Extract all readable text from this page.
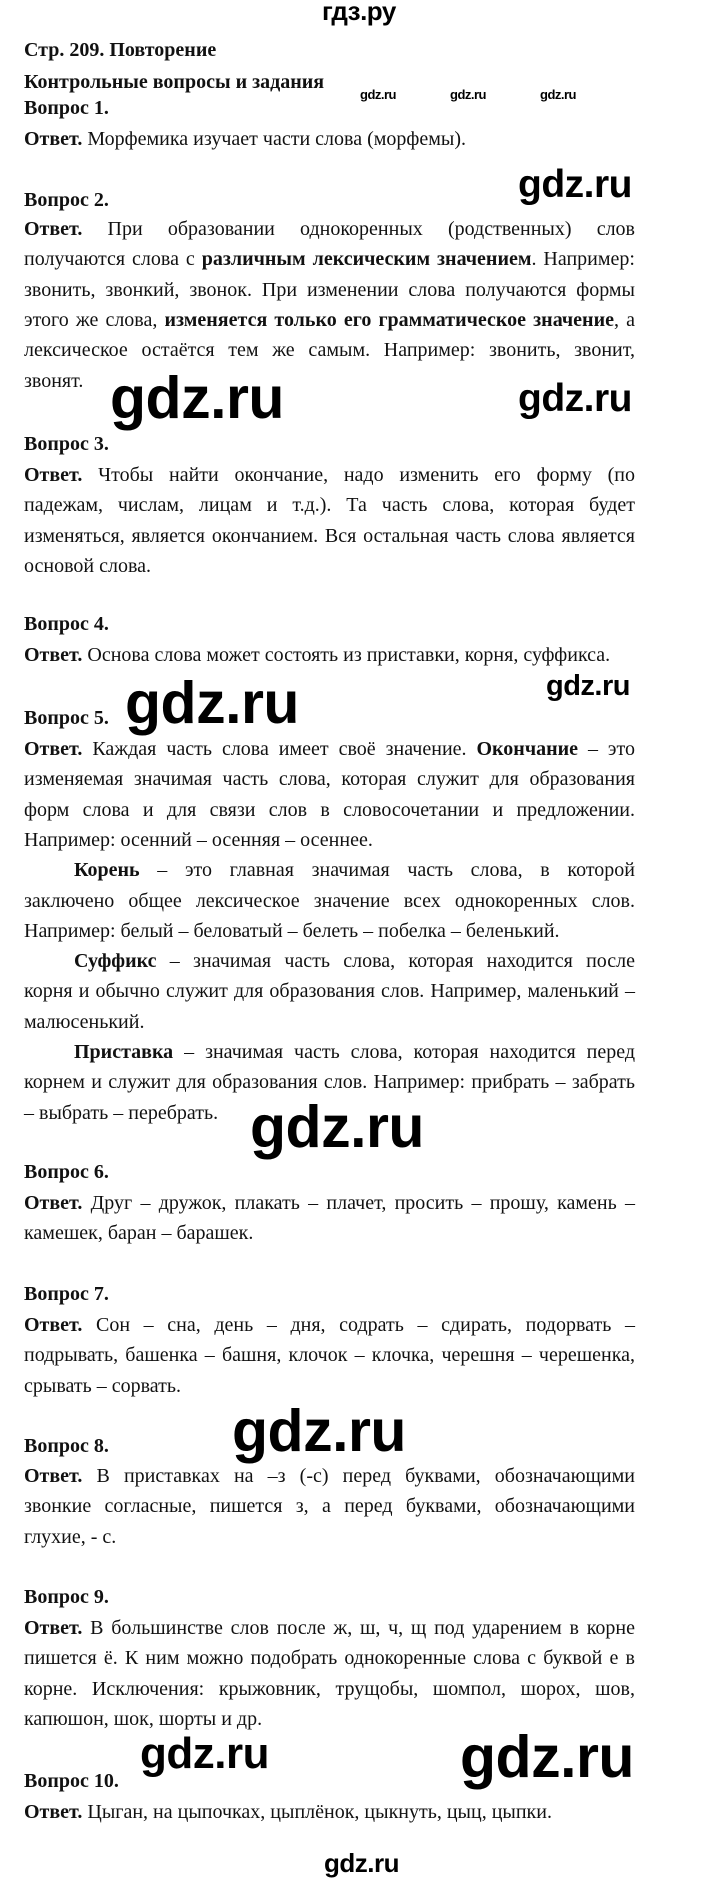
гдз.ру
Стр. 209. Повторение
Контрольные вопросы и задания
Вопрос 1.
Ответ. Морфемика изучает части слова (морфемы).
Вопрос 2.
Ответ. При образовании однокоренных (родственных) слов
получаются слова с различным лексическим значением. Например:
звонить, звонкий, звонок. При изменении слова получаются формы
этого же слова, изменяется только его грамматическое значение, а
лексическое остаётся тем же самым. Например: звонить, звонит,
звонят.
Вопрос 3.
Ответ. Чтобы найти окончание, надо изменить его форму (по
падежам, числам, лицам и т.д.). Та часть слова, которая будет
изменяться, является окончанием. Вся остальная часть слова является
основой слова.
Вопрос 4.
Ответ. Основа слова может состоять из приставки, корня, суффикса.
Вопрос 5.
Ответ. Каждая часть слова имеет своё значение. Окончание – это
изменяемая значимая часть слова, которая служит для образования
форм слова и для связи слов в словосочетании и предложении.
Например: осенний – осенняя – осеннее.
Корень – это главная значимая часть слова, в которой
заключено общее лексическое значение всех однокоренных слов.
Например: белый – беловатый – белеть – побелка – беленький.
Суффикс – значимая часть слова, которая находится после
корня и обычно служит для образования слов. Например, маленький –
малюсенький.
Приставка – значимая часть слова, которая находится перед
корнем и служит для образования слов. Например: прибрать – забрать
– выбрать – перебрать.
Вопрос 6.
Ответ. Друг – дружок, плакать – плачет, просить – прошу, камень –
камешек, баран – барашек.
Вопрос 7.
Ответ. Сон – сна, день – дня, содрать – сдирать, подорвать –
подрывать, башенка – башня, клочок – клочка, черешня – черешенка,
срывать – сорвать.
Вопрос 8.
Ответ. В приставках на –з (-с) перед буквами, обозначающими
звонкие согласные, пишется з, а перед буквами, обозначающими
глухие, - с.
Вопрос 9.
Ответ. В большинстве слов после ж, ш, ч, щ под ударением в корне
пишется ё. К ним можно подобрать однокоренные слова с буквой е в
корне. Исключения: крыжовник, трущобы, шомпол, шорох, шов,
капюшон, шок, шорты и др.
Вопрос 10.
Ответ. Цыган, на цыпочках, цыплёнок, цыкнуть, цыц, цыпки.
gdz.ru	gdz.ru	gdz.ru
gdz.ru
gdz.ru	gdz.ru
gdz.ru
gdz.ru
gdz.ru
gdz.ru
gdz.ru	gdz.ru
gdz.ru
